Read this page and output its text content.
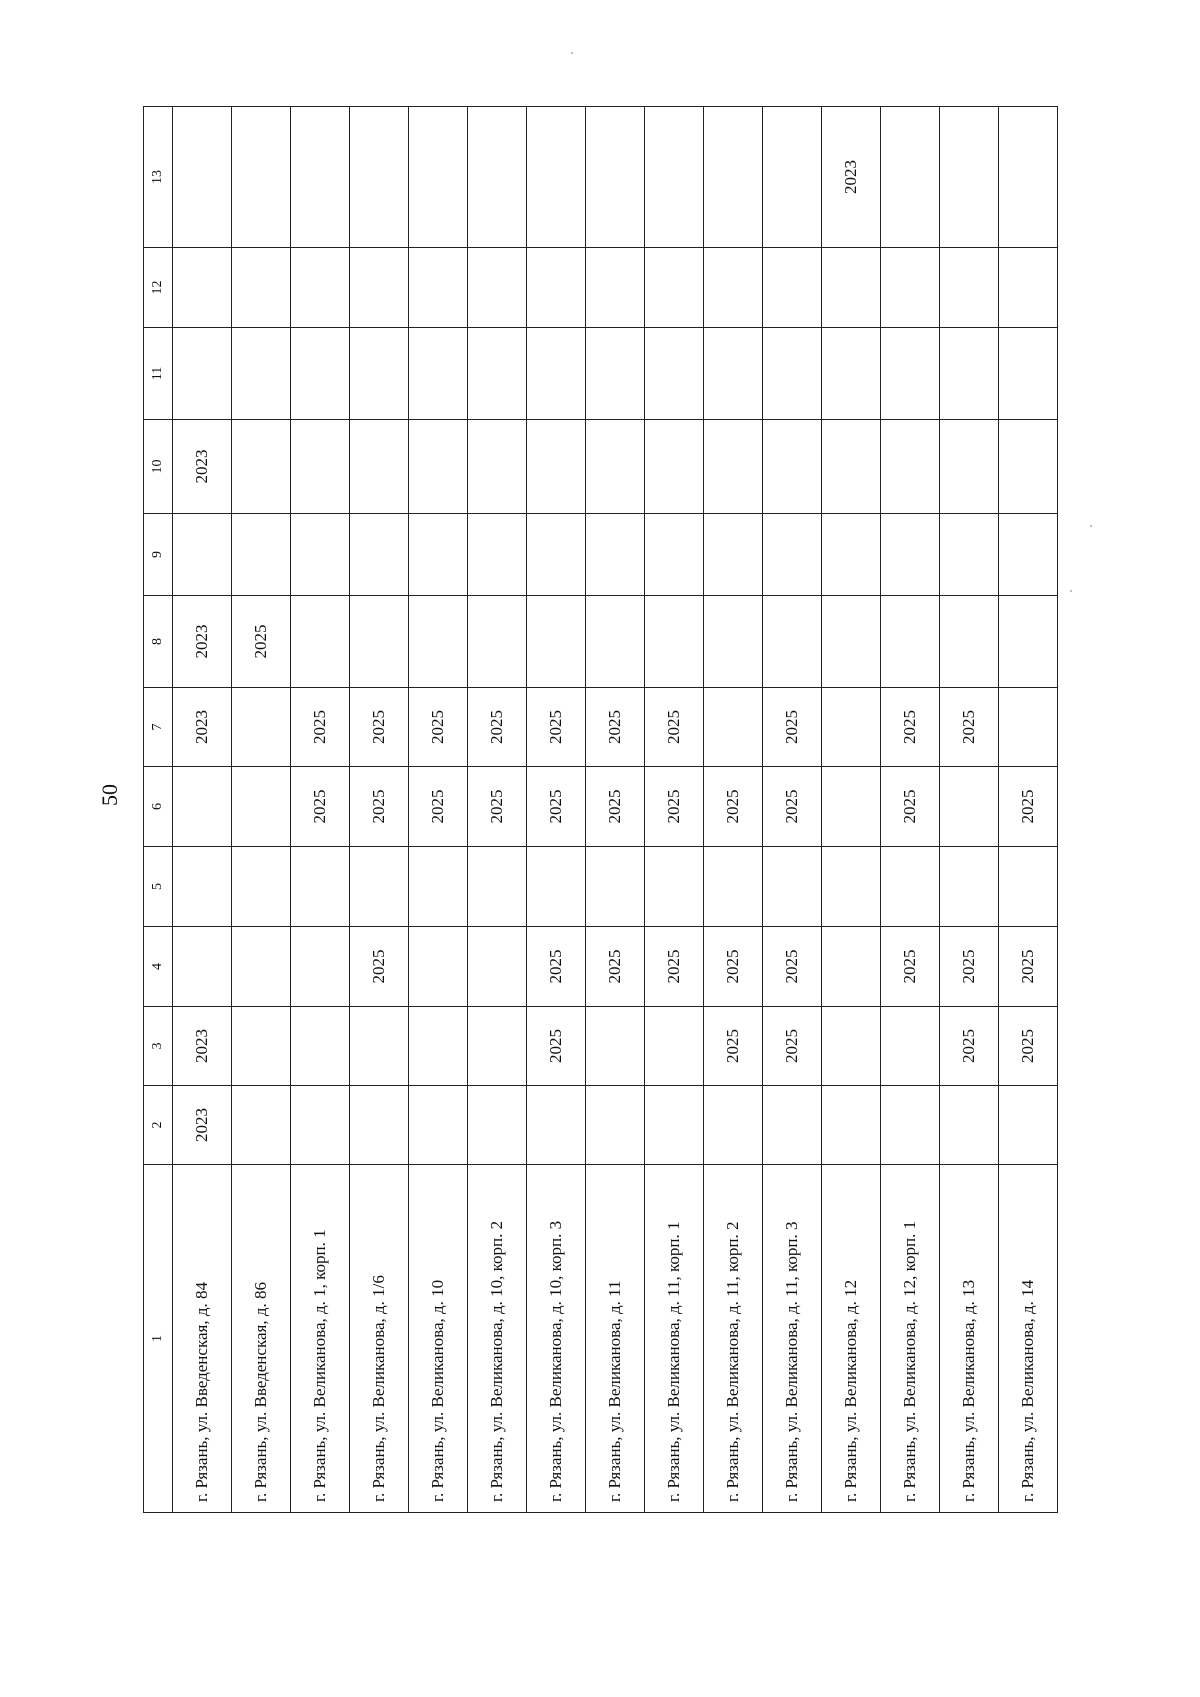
50
1	2	3	4	5	6	7	8	9	10	11	12	13
г. Рязань, ул. Введенская, д. 84	2023	2023				2023	2023		2023			
г. Рязань, ул. Введенская, д. 86							2025					
г. Рязань, ул. Великанова, д. 1, корп. 1					2025	2025						
г. Рязань, ул. Великанова, д. 1/6			2025		2025	2025						
г. Рязань, ул. Великанова, д. 10					2025	2025						
г. Рязань, ул. Великанова, д. 10, корп. 2					2025	2025						
г. Рязань, ул. Великанова, д. 10, корп. 3		2025	2025		2025	2025						
г. Рязань, ул. Великанова, д. 11			2025		2025	2025						
г. Рязань, ул. Великанова, д. 11, корп. 1			2025		2025	2025						
г. Рязань, ул. Великанова, д. 11, корп. 2		2025	2025		2025							
г. Рязань, ул. Великанова, д. 11, корп. 3		2025	2025		2025	2025						
г. Рязань, ул. Великанова, д. 12												2023
г. Рязань, ул. Великанова, д. 12, корп. 1			2025		2025	2025						
г. Рязань, ул. Великанова, д. 13		2025	2025			2025						
г. Рязань, ул. Великанова, д. 14		2025	2025		2025							
